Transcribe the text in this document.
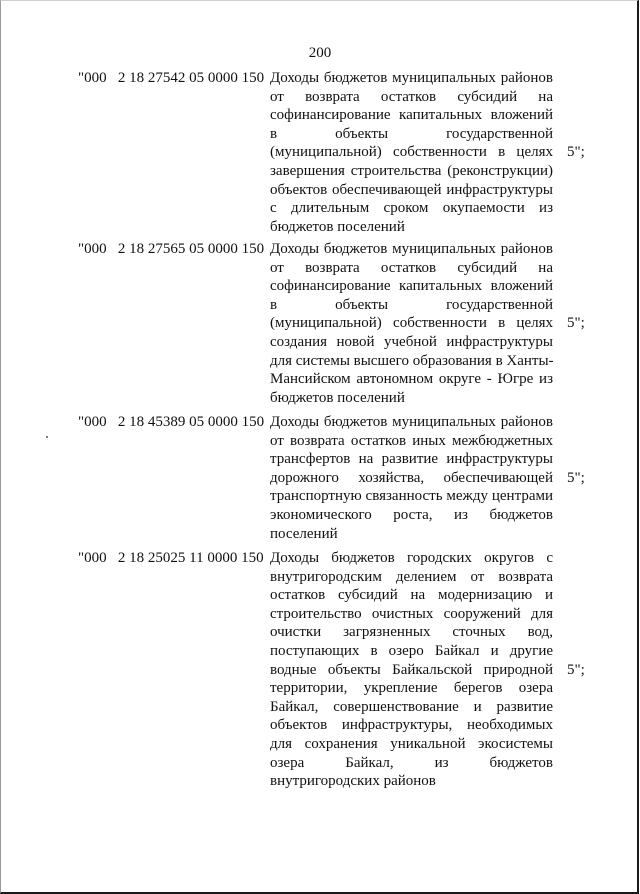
200
"000   2 18 27542 05 0000 150 Доходы бюджетов муниципальных районов
от возврата остатков субсидий на
софинансирование капитальных вложений
в объекты государственной
(муниципальной) собственности в целях
завершения строительства (реконструкции)
объектов обеспечивающей инфраструктуры
с длительным сроком окупаемости из
бюджетов поселений
5";
"000   2 18 27565 05 0000 150 Доходы бюджетов муниципальных районов
от возврата остатков субсидий на
софинансирование капитальных вложений
в объекты государственной
(муниципальной) собственности в целях
создания новой учебной инфраструктуры
для системы высшего образования в Ханты-
Мансийском автономном округе - Югре из
бюджетов поселений
5";
"000   2 18 45389 05 0000 150 Доходы бюджетов муниципальных районов
от возврата остатков иных межбюджетных
трансфертов на развитие инфраструктуры
дорожного хозяйства, обеспечивающей
транспортную связанность между центрами
экономического роста, из бюджетов
поселений
5";
"000   2 18 25025 11 0000 150 Доходы бюджетов городских округов с
внутригородским делением от возврата
остатков субсидий на модернизацию и
строительство очистных сооружений для
очистки загрязненных сточных вод,
поступающих в озеро Байкал и другие
водные объекты Байкальской природной
территории, укрепление берегов озера
Байкал, совершенствование и развитие
объектов инфраструктуры, необходимых
для сохранения уникальной экосистемы
озера Байкал, из бюджетов
внутригородских районов
5";
